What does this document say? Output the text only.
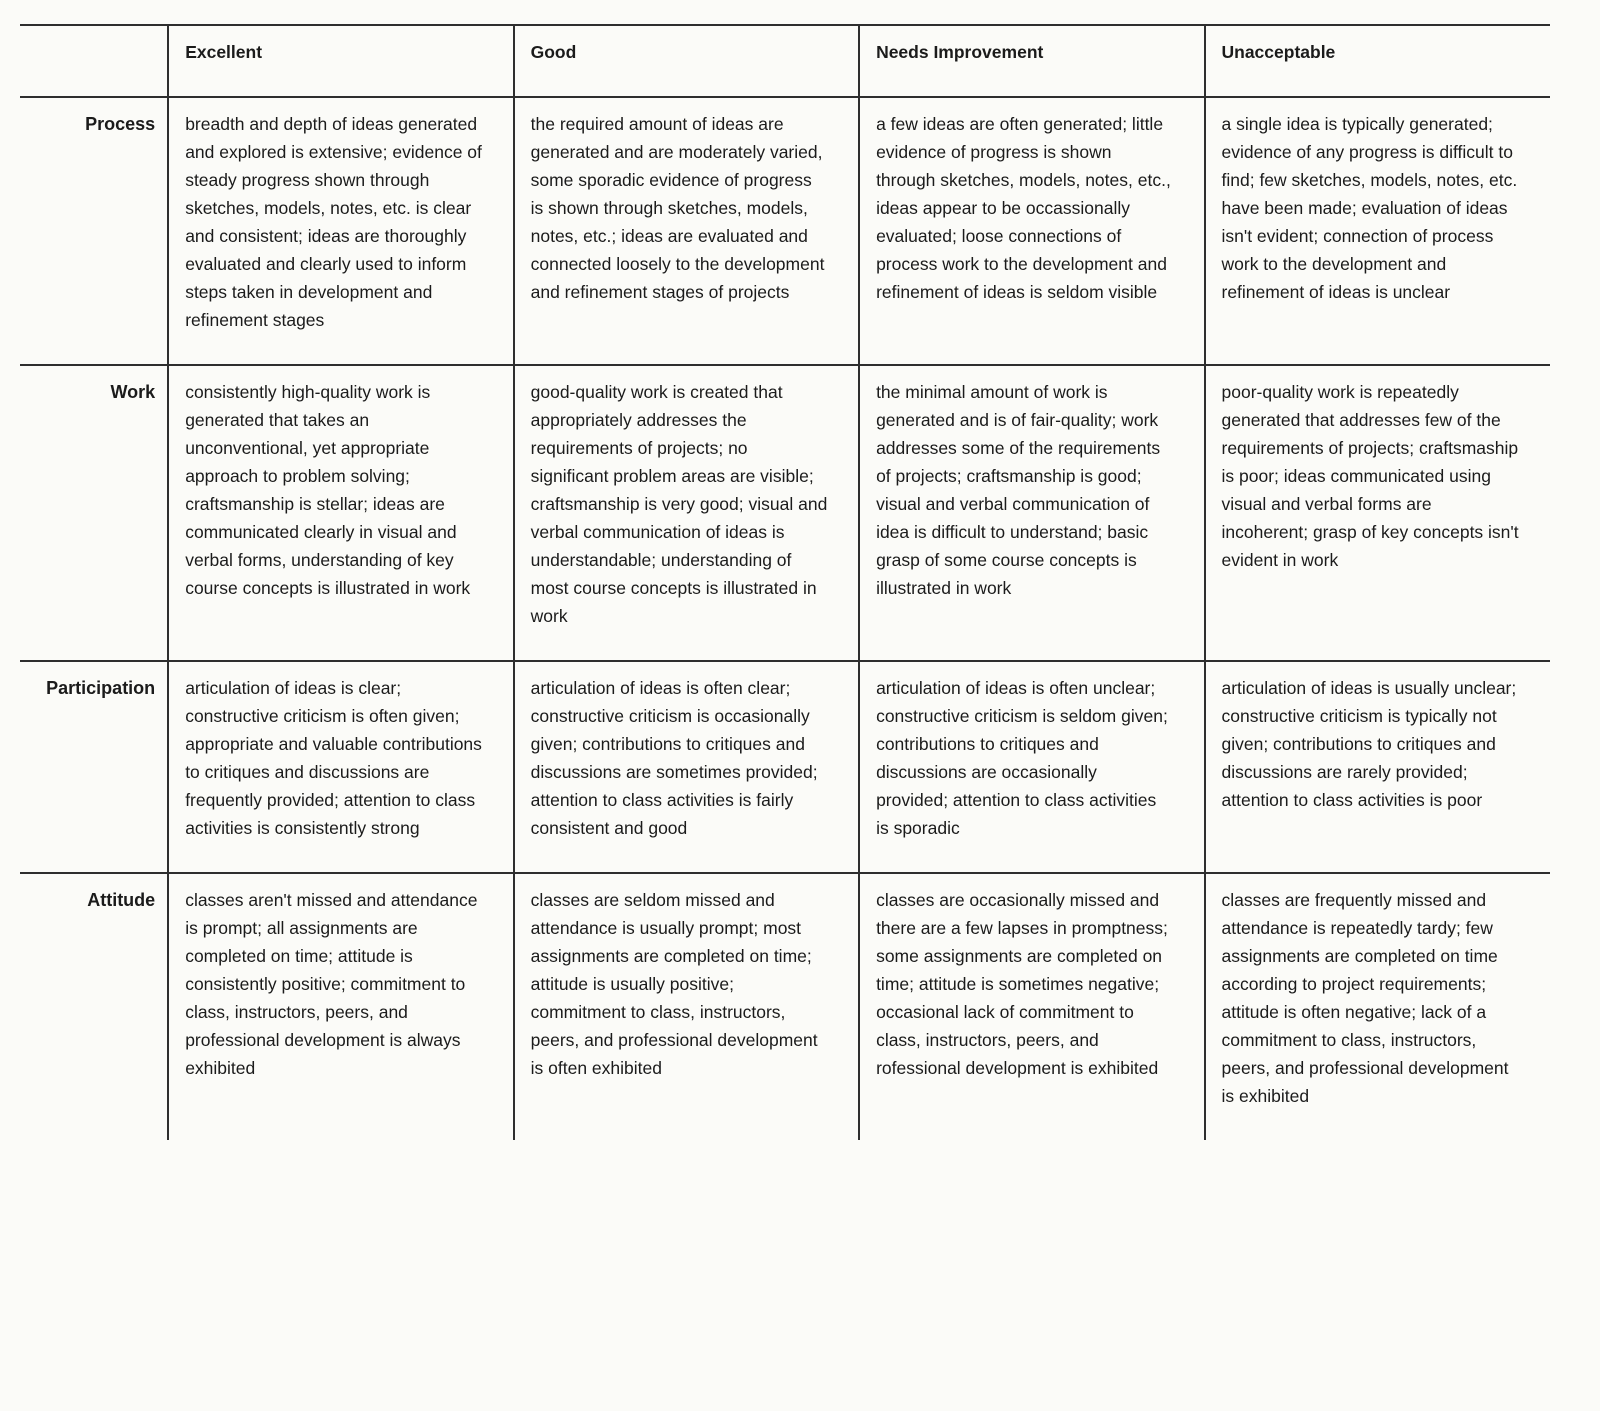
	Excellent	Good	Needs Improvement	Unacceptable
Process	breadth and depth of ideas generated and explored is extensive; evidence of steady progress shown through sketches, models, notes, etc. is clear and consistent; ideas are thoroughly evaluated and clearly used to inform steps taken in development and refinement stages	the required amount of ideas are generated and are moderately varied, some sporadic evidence of progress is shown through sketches, models, notes, etc.; ideas are evaluated and connected loosely to the development and refinement stages of projects	a few ideas are often generated; little evidence of progress is shown through sketches, models, notes, etc., ideas appear to be occassionally evaluated; loose connections of process work to the development and refinement of ideas is seldom visible	a single idea is typically generated; evidence of any progress is difficult to find; few sketches, models, notes, etc. have been made; evaluation of ideas isn't evident; connection of process work to the development and refinement of ideas is unclear
Work	consistently high-quality work is generated that takes an unconventional, yet appropriate approach to problem solving; craftsmanship is stellar; ideas are communicated clearly in visual and verbal forms, understanding of key course concepts is illustrated in work	good-quality work is created that appropriately addresses the requirements of projects; no significant problem areas are visible; craftsmanship is very good; visual and verbal communication of ideas is understandable; understanding of most course concepts is illustrated in work	the minimal amount of work is generated and is of fair-quality; work addresses some of the requirements of projects; craftsmanship is good; visual and verbal communication of idea is difficult to understand; basic grasp of some course concepts is illustrated in work	poor-quality work is repeatedly generated that addresses few of the requirements of projects; craftsmaship is poor; ideas communicated using visual and verbal forms are incoherent; grasp of key concepts isn't evident in work
Participation	articulation of ideas is clear; constructive criticism is often given; appropriate and valuable contributions to critiques and discussions are frequently provided; attention to class activities is consistently strong	articulation of ideas is often clear; constructive criticism is occasionally given; contributions to critiques and discussions are sometimes provided; attention to class activities is fairly consistent and good	articulation of ideas is often unclear; constructive criticism is seldom given; contributions to critiques and discussions are occasionally provided; attention to class activities is sporadic	articulation of ideas is usually unclear; constructive criticism is typically not given; contributions to critiques and discussions are rarely provided; attention to class activities is poor
Attitude	classes aren't missed and attendance is prompt; all assignments are completed on time; attitude is consistently positive; commitment to class, instructors, peers, and professional development is always exhibited	classes are seldom missed and attendance is usually prompt; most assignments are completed on time; attitude is usually positive; commitment to class, instructors, peers, and professional development is often exhibited	classes are occasionally missed and there are a few lapses in promptness; some assignments are completed on time; attitude is sometimes negative; occasional lack of commitment to class, instructors, peers, and rofessional development is exhibited	classes are frequently missed and attendance is repeatedly tardy; few assignments are completed on time according to project requirements; attitude is often negative; lack of a commitment to class, instructors, peers, and professional development is exhibited
